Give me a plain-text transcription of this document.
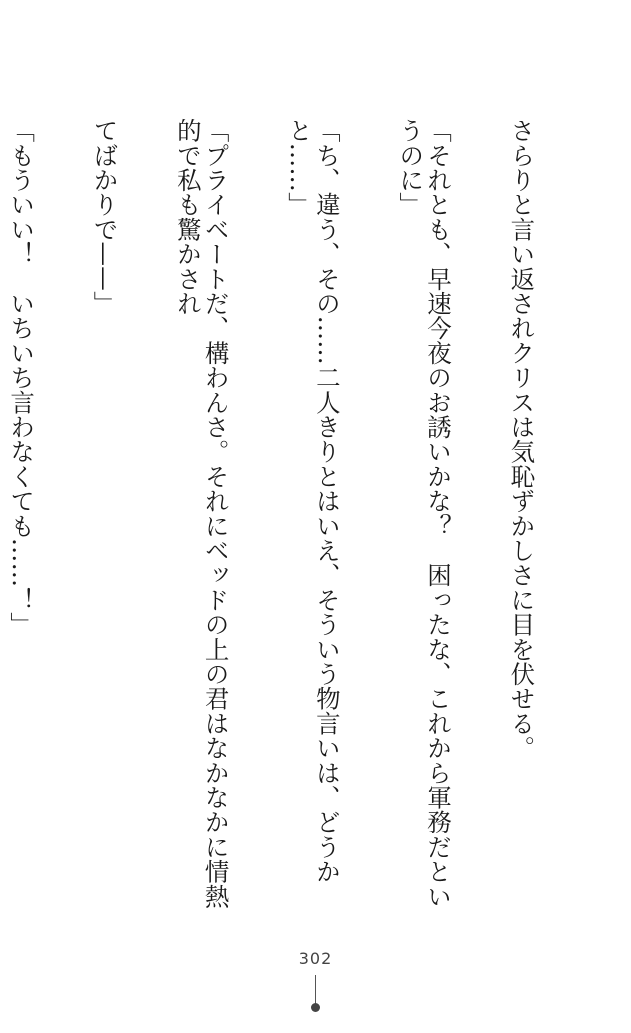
さらりと言い返されクリスは気恥ずかしさに目を伏せる。

「それとも、早速今夜のお誘いかな？　困ったな、これから軍務だというのに」

「ち、違う、その……二人きりとはいえ、そういう物言いは、どうかと……」

「プライベートだ、構わんさ。それにベッドの上の君はなかなかに情熱的で私も驚かされ

てばかりで——」

「もういい！　いちいち言わなくても……！」

302
